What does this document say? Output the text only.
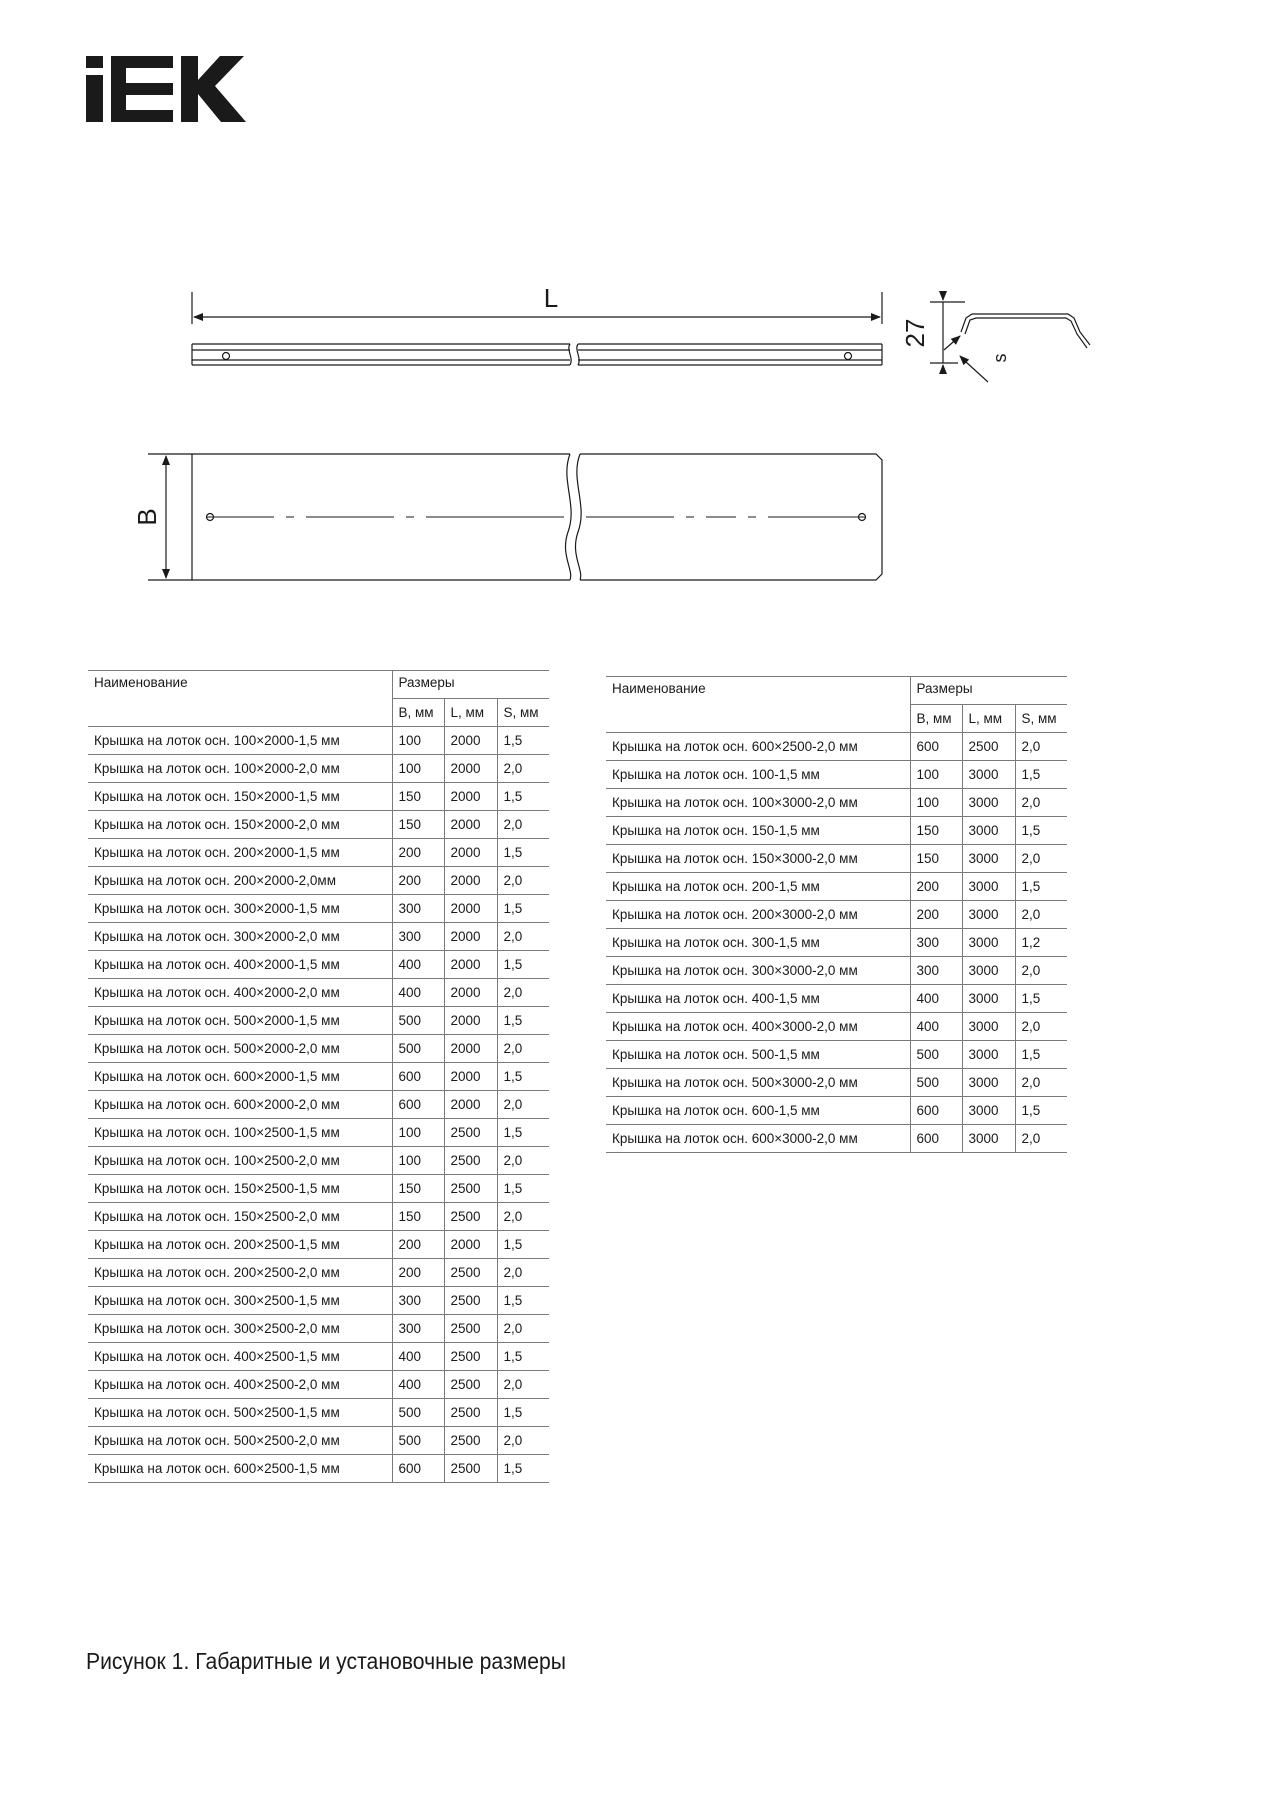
L
27
s
B
Наименование	Размеры		
	B, мм	L, мм	S, мм
Крышка на лоток осн. 100×2000-1,5 мм	100	2000	1,5
Крышка на лоток осн. 100×2000-2,0 мм	100	2000	2,0
Крышка на лоток осн. 150×2000-1,5 мм	150	2000	1,5
Крышка на лоток осн. 150×2000-2,0 мм	150	2000	2,0
Крышка на лоток осн. 200×2000-1,5 мм	200	2000	1,5
Крышка на лоток осн. 200×2000-2,0мм	200	2000	2,0
Крышка на лоток осн. 300×2000-1,5 мм	300	2000	1,5
Крышка на лоток осн. 300×2000-2,0 мм	300	2000	2,0
Крышка на лоток осн. 400×2000-1,5 мм	400	2000	1,5
Крышка на лоток осн. 400×2000-2,0 мм	400	2000	2,0
Крышка на лоток осн. 500×2000-1,5 мм	500	2000	1,5
Крышка на лоток осн. 500×2000-2,0 мм	500	2000	2,0
Крышка на лоток осн. 600×2000-1,5 мм	600	2000	1,5
Крышка на лоток осн. 600×2000-2,0 мм	600	2000	2,0
Крышка на лоток осн. 100×2500-1,5 мм	100	2500	1,5
Крышка на лоток осн. 100×2500-2,0 мм	100	2500	2,0
Крышка на лоток осн. 150×2500-1,5 мм	150	2500	1,5
Крышка на лоток осн. 150×2500-2,0 мм	150	2500	2,0
Крышка на лоток осн. 200×2500-1,5 мм	200	2000	1,5
Крышка на лоток осн. 200×2500-2,0 мм	200	2500	2,0
Крышка на лоток осн. 300×2500-1,5 мм	300	2500	1,5
Крышка на лоток осн. 300×2500-2,0 мм	300	2500	2,0
Крышка на лоток осн. 400×2500-1,5 мм	400	2500	1,5
Крышка на лоток осн. 400×2500-2,0 мм	400	2500	2,0
Крышка на лоток осн. 500×2500-1,5 мм	500	2500	1,5
Крышка на лоток осн. 500×2500-2,0 мм	500	2500	2,0
Крышка на лоток осн. 600×2500-1,5 мм	600	2500	1,5
Наименование	Размеры		
	B, мм	L, мм	S, мм
Крышка на лоток осн. 600×2500-2,0 мм	600	2500	2,0
Крышка на лоток осн. 100-1,5 мм	100	3000	1,5
Крышка на лоток осн. 100×3000-2,0 мм	100	3000	2,0
Крышка на лоток осн. 150-1,5 мм	150	3000	1,5
Крышка на лоток осн. 150×3000-2,0 мм	150	3000	2,0
Крышка на лоток осн. 200-1,5 мм	200	3000	1,5
Крышка на лоток осн. 200×3000-2,0 мм	200	3000	2,0
Крышка на лоток осн. 300-1,5 мм	300	3000	1,2
Крышка на лоток осн. 300×3000-2,0 мм	300	3000	2,0
Крышка на лоток осн. 400-1,5 мм	400	3000	1,5
Крышка на лоток осн. 400×3000-2,0 мм	400	3000	2,0
Крышка на лоток осн. 500-1,5 мм	500	3000	1,5
Крышка на лоток осн. 500×3000-2,0 мм	500	3000	2,0
Крышка на лоток осн. 600-1,5 мм	600	3000	1,5
Крышка на лоток осн. 600×3000-2,0 мм	600	3000	2,0
Рисунок 1. Габаритные и установочные размеры
